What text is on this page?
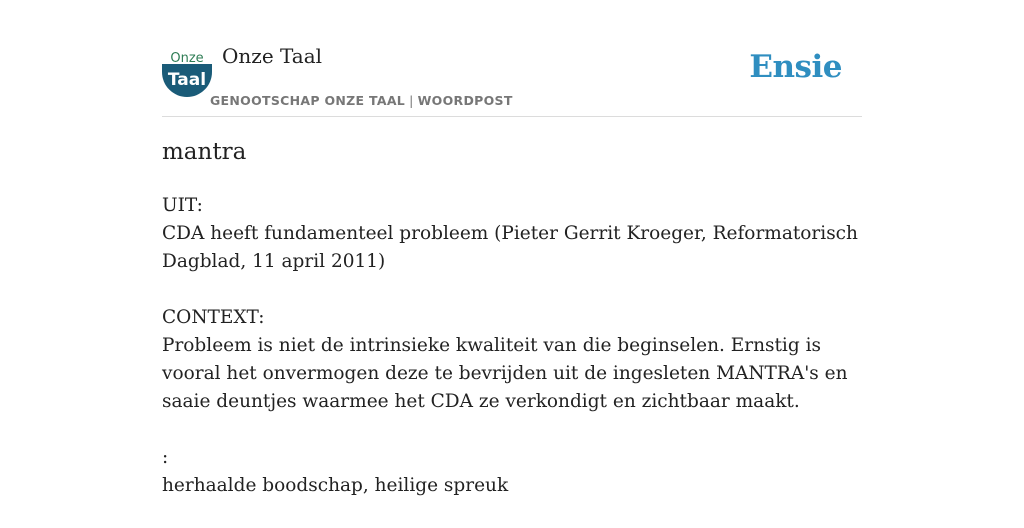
Onze
Taal
Onze Taal
GENOOTSCHAP ONZE TAAL | WOORDPOST
Ensie
mantra

UIT:
CDA heeft fundamenteel probleem (Pieter Gerrit Kroeger, Reformatorisch Dagblad, 11 april 2011)

CONTEXT:
Probleem is niet de intrinsieke kwaliteit van die beginselen. Ernstig is vooral het onvermogen deze te bevrijden uit de ingesleten MANTRA's en saaie deuntjes waarmee het CDA ze verkondigt en zichtbaar maakt.

:
herhaalde boodschap, heilige spreuk
